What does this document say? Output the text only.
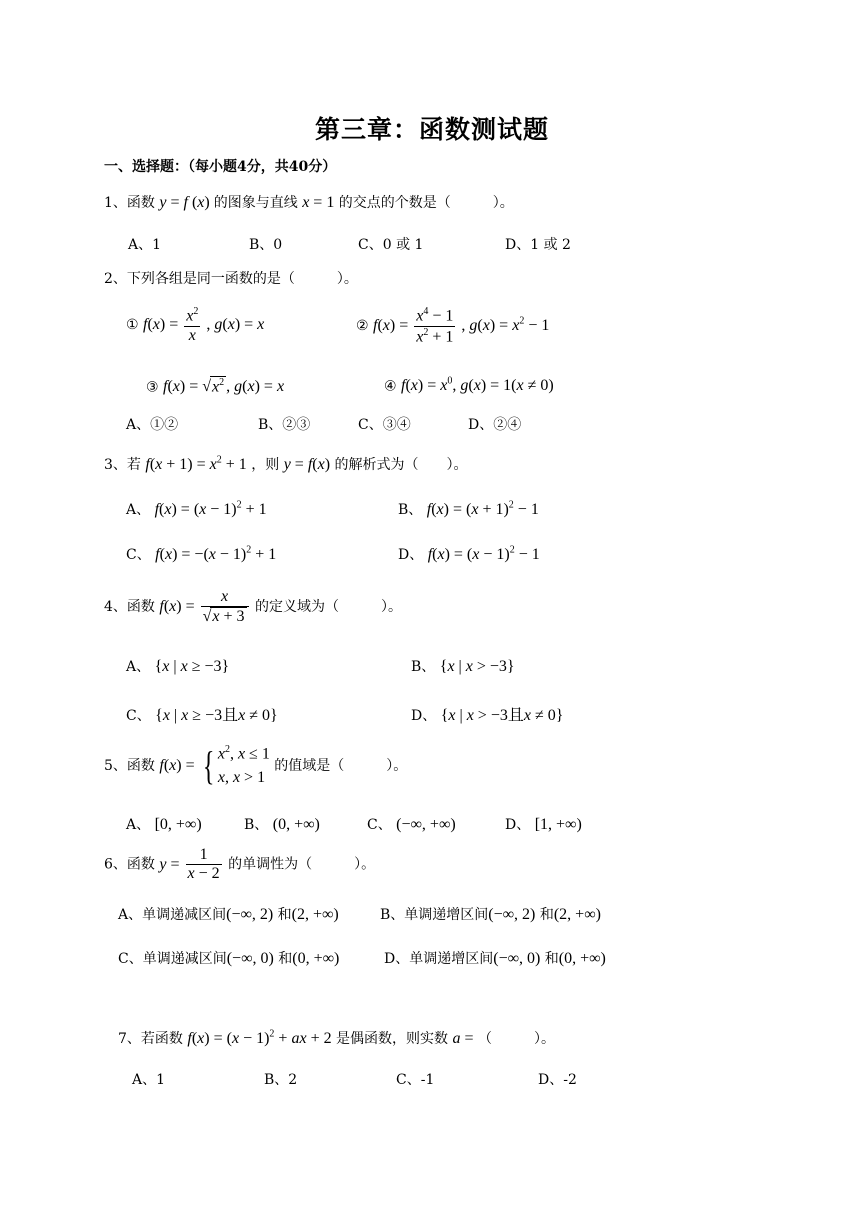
第三章：函数测试题
一、选择题：（每小题4分，共40分）
1、函数 y = f (x) 的图象与直线 x = 1 的交点的个数是（　　　）。
A、1	B、0	C、0 或 1	D、1 或 2
2、下列各组是同一函数的是（　　　）。
① $f(x) = \frac{x^2}{x}$ , g(x) = x	② $f(x) = \frac{x^4 - 1}{x^2 + 1}$ , $g(x) = x^2 - 1$
③ $f(x) = √x^2$ , g(x) = x	④ $f(x) = x^0$, g(x) = 1(x ≠ 0)
A、①②	B、②③	C、③④	D、②④
3、若 $f(x + 1) = x^2 + 1$ ，则 y = f(x) 的解析式为（　　）。
A、 $f(x) = (x - 1)^2 + 1$	B、 $f(x) = (x + 1)^2 - 1$
C、 $f(x) = -(x - 1)^2 + 1$	D、 $f(x) = (x - 1)^2 - 1$
4、函数 $f(x) = \frac{x}{√x + 3}$ 的定义域为（　　　）。
A、 {x | x ≥ −3}	B、 {x | x > −3}
C、 {x | x ≥ −3且x ≠ 0}	D、 {x | x > −3且x ≠ 0}
5、函数 f(x) = { $x^2$, x ≤ 1
x, x > 1
的值域是（　　　）。
A、 [0, +∞)	B、 (0, +∞)	C、 (−∞, +∞)	D、 [1, +∞)
6、函数 $y = \frac{1}{x - 2}$ 的单调性为（　　　）。
A、单调递减区间(−∞, 2) 和(2, +∞)	B、单调递增区间(−∞, 2) 和(2, +∞)
C、单调递减区间(−∞, 0) 和(0, +∞)	D、单调递增区间(−∞, 0) 和(0, +∞)
7、若函数 $f(x) = (x - 1)^2$ + ax + 2 是偶函数，则实数 a = （　　　）。
A、1	B、2	C、-1	D、-2
